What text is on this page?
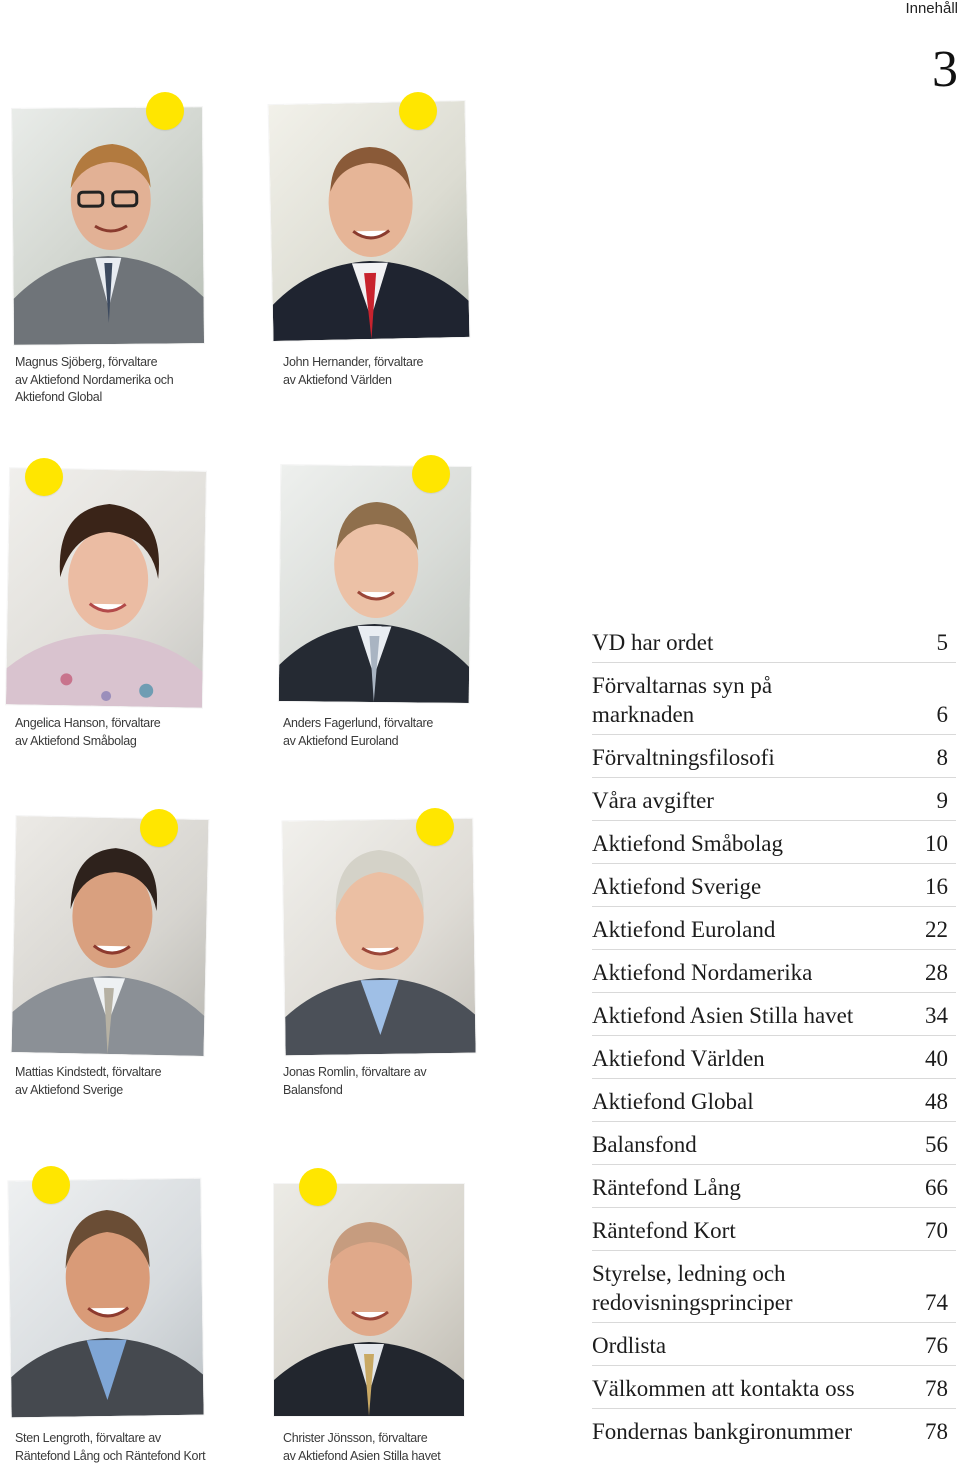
Innehåll
3
Magnus Sjöberg, förvaltare
av Aktiefond Nordamerika och
Aktiefond Global
John Hernander, förvaltare
av Aktiefond Världen
Angelica Hanson, förvaltare
av Aktiefond Småbolag
Anders Fagerlund, förvaltare
av Aktiefond Euroland
Mattias Kindstedt, förvaltare
av Aktiefond Sverige
Jonas Romlin, förvaltare av
Balansfond
Sten Lengroth, förvaltare av
Räntefond Lång och Räntefond Kort
Christer Jönsson, förvaltare
av Aktiefond Asien Stilla havet
VD har ordet	5
Förvaltarnas syn på
marknaden	6
Förvaltningsfilosofi	8
Våra avgifter	9
Aktiefond Småbolag	10
Aktiefond Sverige	16
Aktiefond Euroland	22
Aktiefond Nordamerika	28
Aktiefond Asien Stilla havet	34
Aktiefond Världen	40
Aktiefond Global	48
Balansfond	56
Räntefond Lång	66
Räntefond Kort	70
Styrelse, ledning och
redovisningsprinciper	74
Ordlista	76
Välkommen att kontakta oss	78
Fondernas bankgironummer	78
